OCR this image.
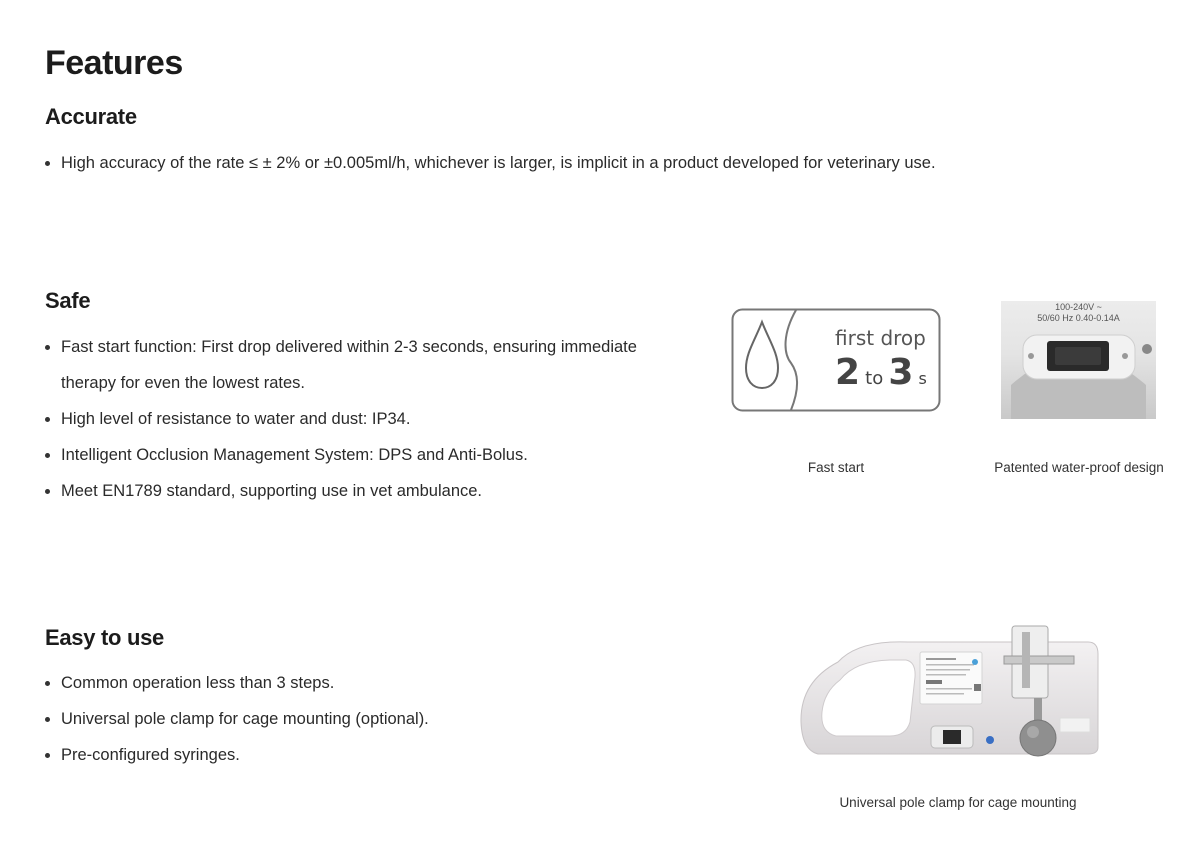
Features
Accurate
High accuracy of the rate ≤ ± 2% or ±0.005ml/h, whichever is larger, is implicit in a product developed for veterinary use.
Safe
Fast start function: First drop delivered within 2-3 seconds, ensuring immediate therapy for even the lowest rates.
High level of resistance to water and dust: IP34.
Intelligent Occlusion Management System: DPS and Anti-Bolus.
Meet EN1789 standard, supporting use in vet ambulance.
first drop
2 to 3 s
100-240V ~
50/60 Hz 0.40-0.14A
Fast start	Patented water-proof design
Easy to use
Common operation less than 3 steps.
Universal pole clamp for cage mounting (optional).
Pre-configured syringes.
Universal pole clamp for cage mounting
